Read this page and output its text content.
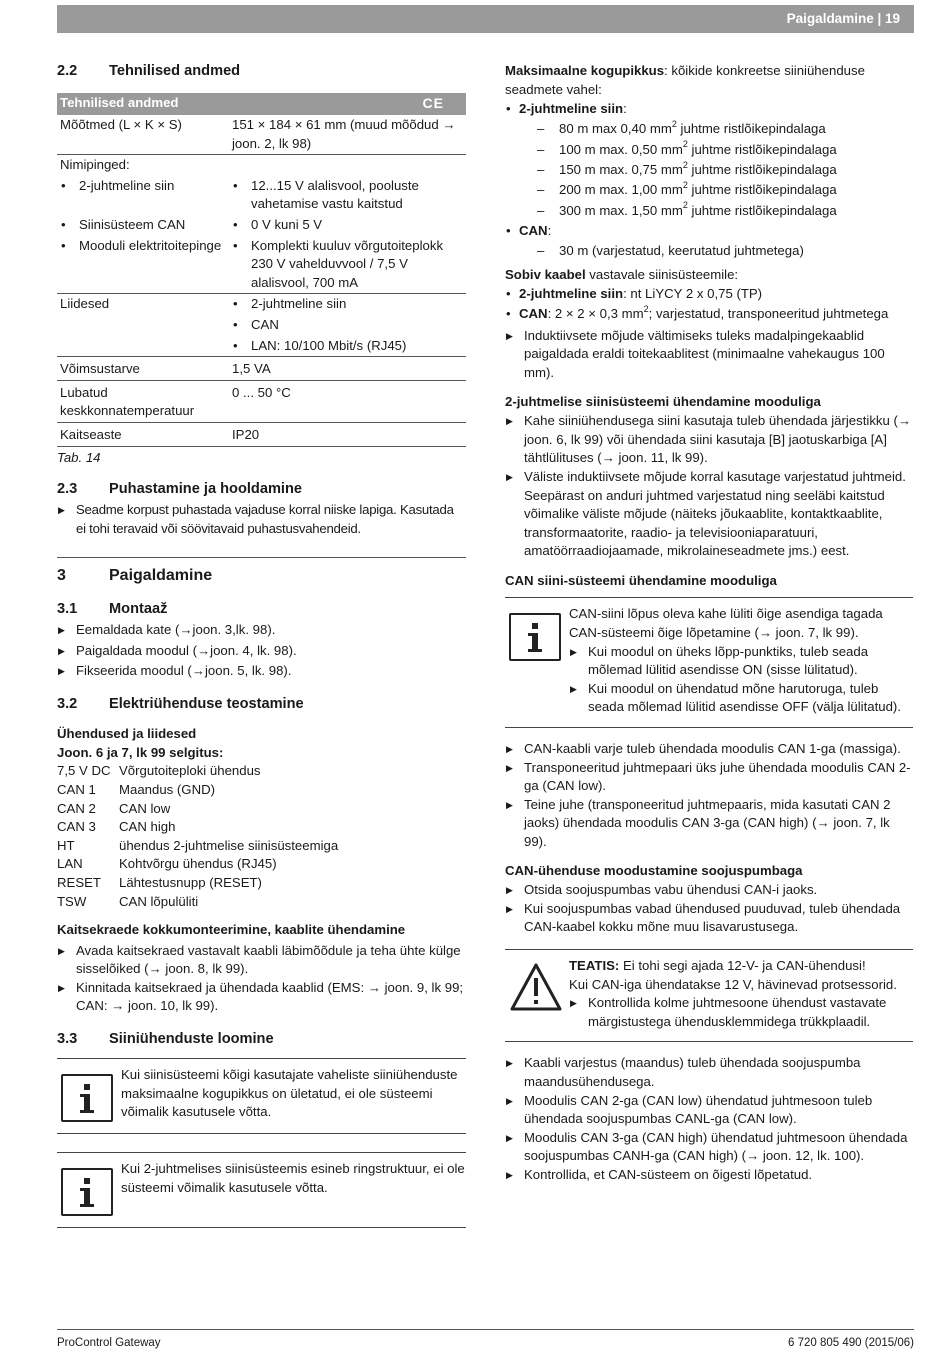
Paigaldamine | 19
2.2	Tehnilised andmed
Tehnilised andmed CE	

Mõõtmed (L × K × S)	151 × 184 × 61 mm (muud mõõdud → joon. 2, lk 98)
Nimipinged:	

• 2-juhtmeline siin	• 12...15 V alalisvool, pooluste vahetamise vastu kaitstud

• Siinisüsteem CAN	• 0 V kuni 5 V

• Mooduli elektritoitepinge	• Komplekti kuuluv võrgutoiteplokk 230 V vahelduvvool / 7,5 V alalisvool, 700 mA

Liidesed	• 2-juhtmeline siin
• CAN
• LAN: 10/100 Mbit/s (RJ45)

Võimsustarve	1,5 VA
Lubatud keskkonnatemperatuur	0 ... 50 °C
Kaitseaste	IP20
Tab. 14
2.3	Puhastamine ja hooldamine
▶ Seadme korpust puhastada vajaduse korral niiske lapiga. Kasutada ei tohi teravaid või söövitavaid puhastusvahendeid.
3	Paigaldamine
3.1	Montaaž
▶ Eemaldada kate (→joon. 3,lk. 98).
▶ Paigaldada moodul (→joon. 4, lk. 98).
▶ Fikseerida moodul (→joon. 5, lk. 98).
3.2	Elektriühenduse teostamine
Ühendused ja liidesed
Joon. 6 ja 7, lk 99 selgitus:
7,5 V DC Võrgutoiteploki ühendus
CAN 1	Maandus (GND)
CAN 2	CAN low
CAN 3	CAN high
HT	ühendus 2-juhtmelise siinisüsteemiga
LAN	Kohtvõrgu ühendus (RJ45)
RESET	Lähtestusnupp (RESET)
TSW	CAN lõpulüliti
Kaitsekraede kokkumonteerimine, kaablite ühendamine
▶ Avada kaitsekraed vastavalt kaabli läbimõõdule ja teha ühte külge sisselõiked (→ joon. 8, lk 99).
▶ Kinnitada kaitsekraed ja ühendada kaablid (EMS: → joon. 9, lk 99; CAN: → joon. 10, lk 99).
3.3	Siiniühenduste loomine
Kui siinisüsteemi kõigi kasutajate vaheliste siiniühenduste maksimaalne kogupikkus on ületatud, ei ole süsteemi võimalik kasutusele võtta.
Kui 2-juhtmelises siinisüsteemis esineb ringstruktuur, ei ole süsteemi võimalik kasutusele võtta.
Maksimaalne kogupikkus: kõikide konkreetse siiniühenduse seadmete vahel:
• 2-juhtmeline siin:
– 80 m max 0,40 $mm^2$ juhtme ristlõikepindalaga
– 100 m max. 0,50 $mm^2$ juhtme ristlõikepindalaga
– 150 m max. 0,75 $mm^2$ juhtme ristlõikepindalaga
– 200 m max. 1,00 $mm^2$ juhtme ristlõikepindalaga
– 300 m max. 1,50 $mm^2$ juhtme ristlõikepindalaga
• CAN:
– 30 m (varjestatud, keerutatud juhtmetega)
Sobiv kaabel vastavale siinisüsteemile:
• 2-juhtmeline siin: nt LiYCY 2 x 0,75 (TP)
• CAN: 2 × 2 × 0,3 $mm^2$; varjestatud, transponeeritud juhtmetega
▶ Induktiivsete mõjude vältimiseks tuleks madalpingekaablid paigaldada eraldi toitekaablitest (minimaalne vahekaugus 100 mm).
2-juhtmelise siinisüsteemi ühendamine mooduliga
▶ Kahe siiniühendusega siini kasutaja tuleb ühendada järjestikku (→ joon. 6, lk 99) või ühendada siini kasutaja [B] jaotuskarbiga [A] tähtlülituses (→ joon. 11, lk 99).
▶ Väliste induktiivsete mõjude korral kasutage varjestatud juhtmeid. Seepärast on anduri juhtmed varjestatud ning seeläbi kaitstud võimalike väliste mõjude (näiteks jõukaablite, kontaktkaablite, transformaatorite, raadio- ja televisiooniaparatuuri, amatöörraadiojaamade, mikrolaineseadmete jms.) eest.
CAN siini-süsteemi ühendamine mooduliga
CAN-siini lõpus oleva kahe lüliti õige asendiga tagada CAN-süsteemi õige lõpetamine (→ joon. 7, lk 99).
▶ Kui moodul on üheks lõpp-punktiks, tuleb seada mõlemad lülitid asendisse ON (sisse lülitatud).
▶ Kui moodul on ühendatud mõne harutoruga, tuleb seada mõlemad lülitid asendisse OFF (välja lülitatud).
▶ CAN-kaabli varje tuleb ühendada moodulis CAN 1-ga (massiga).
▶ Transponeeritud juhtmepaari üks juhe ühendada moodulis CAN 2-ga (CAN low).
▶ Teine juhe (transponeeritud juhtmepaaris, mida kasutati CAN 2 jaoks) ühendada moodulis CAN 3-ga (CAN high) (→ joon. 7, lk 99).
CAN-ühenduse moodustamine soojuspumbaga
▶ Otsida soojuspumbas vabu ühendusi CAN-i jaoks.
▶ Kui soojuspumbas vabad ühendused puuduvad, tuleb ühendada CAN-kaabel kokku mõne muu lisavarustusega.
TEATIS: Ei tohi segi ajada 12-V- ja CAN-ühendusi!
Kui CAN-iga ühendatakse 12 V, hävinevad protsessorid.
▶ Kontrollida kolme juhtmesoone ühendust vastavate märgistustega ühendusklemmidega trükkplaadil.
▶ Kaabli varjestus (maandus) tuleb ühendada soojuspumba maandusühendusega.
▶ Moodulis CAN 2-ga (CAN low) ühendatud juhtmesoon tuleb ühendada soojuspumbas CANL-ga (CAN low).
▶ Moodulis CAN 3-ga (CAN high) ühendatud juhtmesoon ühendada soojuspumbas CANH-ga (CAN high) (→ joon. 12, lk. 100).
▶ Kontrollida, et CAN-süsteem on õigesti lõpetatud.
ProControl Gateway	6 720 805 490 (2015/06)
